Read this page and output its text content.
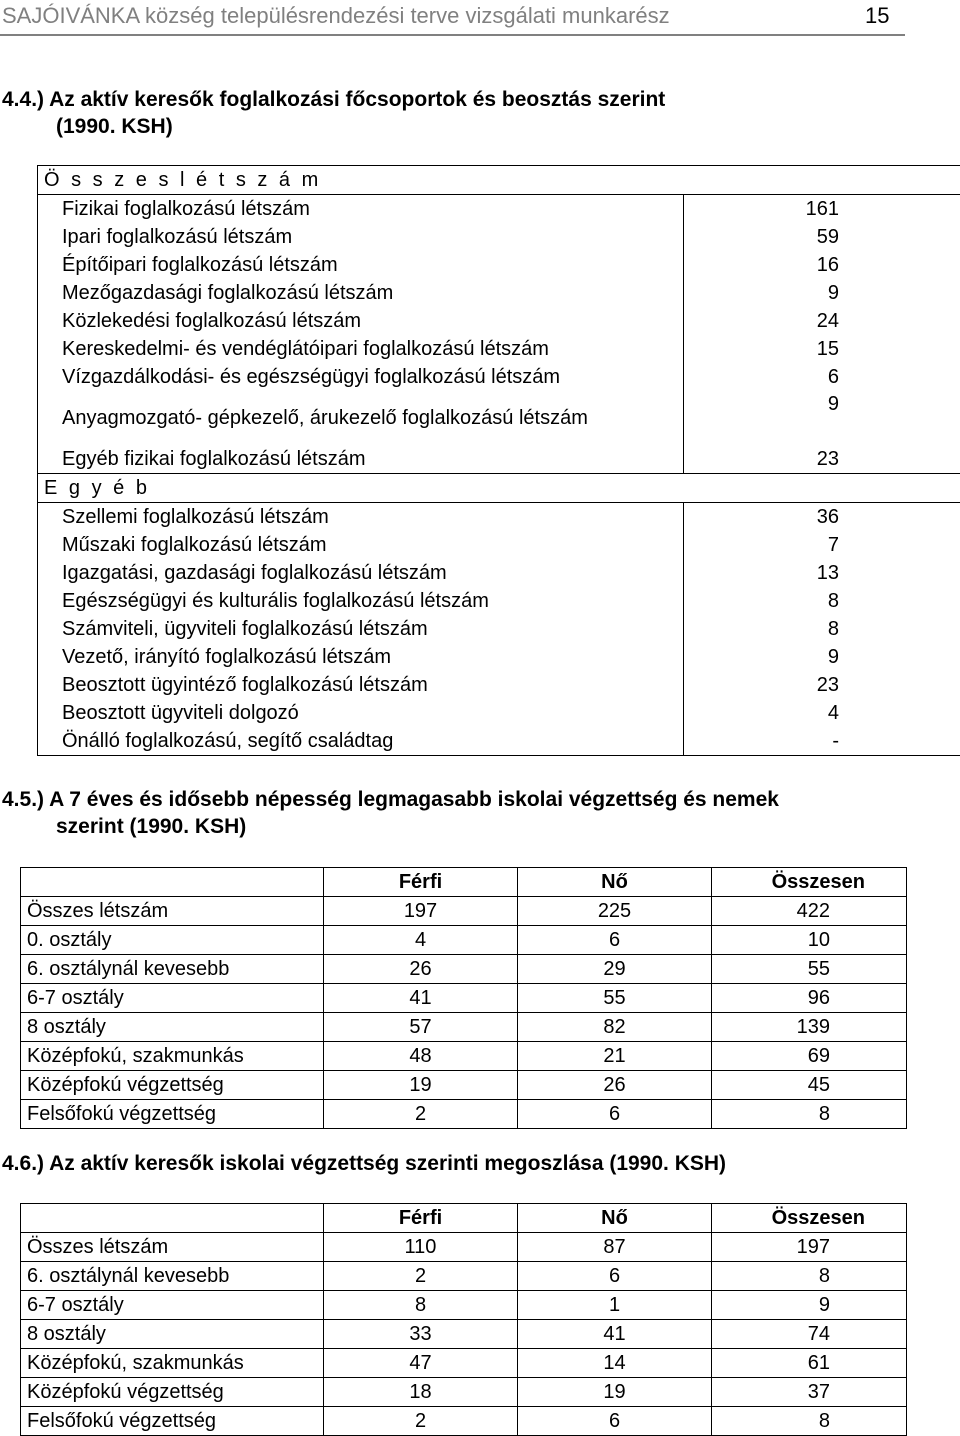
SAJÓIVÁNKA község településrendezési terve vizsgálati munkarész	15
4.4.) Az aktív keresők foglalkozási főcsoportok és beosztás szerint
(1990. KSH)
Ö s s z e s l é t s z á m	
Fizikai foglalkozású létszám	161
Ipari foglalkozású létszám	59
Építőipari foglalkozású létszám	16
Mezőgazdasági foglalkozású létszám	9
Közlekedési foglalkozású létszám	24
Kereskedelmi- és vendéglátóipari foglalkozású létszám	15
Vízgazdálkodási- és egészségügyi foglalkozású létszám	6
Anyagmozgató- gépkezelő, árukezelő foglalkozású létszám	9
Egyéb fizikai foglalkozású létszám	23
E g y é b	
Szellemi foglalkozású létszám	36
Műszaki foglalkozású létszám	7
Igazgatási, gazdasági foglalkozású létszám	13
Egészségügyi és kulturális foglalkozású létszám	8
Számviteli, ügyviteli foglalkozású létszám	8
Vezető, irányító foglalkozású létszám	9
Beosztott ügyintéző foglalkozású létszám	23
Beosztott ügyviteli dolgozó	4
Önálló foglalkozású, segítő családtag	-
4.5.) A 7 éves és idősebb népesség legmagasabb iskolai végzettség és nemek
szerint (1990. KSH)
	Férfi	Nő	Összesen
Összes létszám	197	225	422
0. osztály	4	6	10
6. osztálynál kevesebb	26	29	55
6-7 osztály	41	55	96
8 osztály	57	82	139
Középfokú, szakmunkás	48	21	69
Középfokú végzettség	19	26	45
Felsőfokú végzettség	2	6	8
4.6.) Az aktív keresők iskolai végzettség szerinti megoszlása (1990. KSH)
	Férfi	Nő	Összesen
Összes létszám	110	87	197
6. osztálynál kevesebb	2	6	8
6-7 osztály	8	1	9
8 osztály	33	41	74
Középfokú, szakmunkás	47	14	61
Középfokú végzettség	18	19	37
Felsőfokú végzettség	2	6	8
